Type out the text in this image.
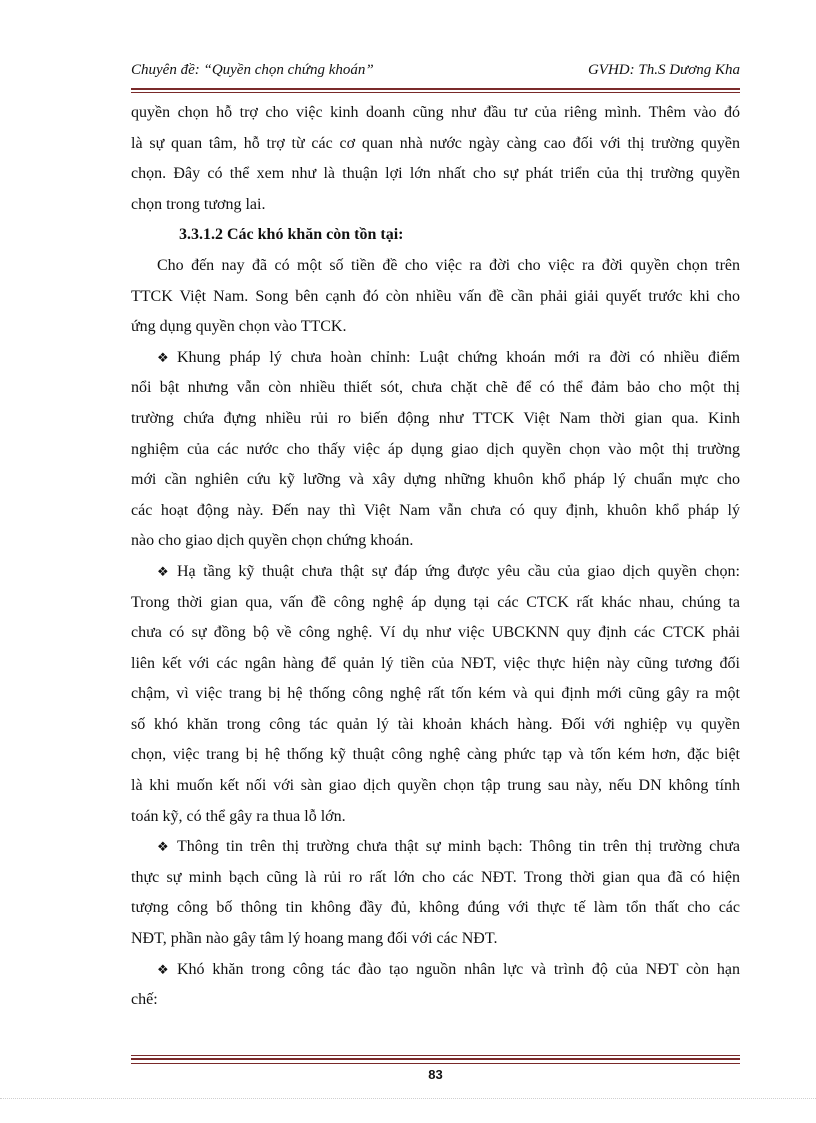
Chuyên đề: “Quyền chọn chứng khoán”	GVHD: Th.S Dương Kha

quyền chọn hỗ trợ cho việc kinh doanh cũng như đầu tư của riêng mình. Thêm vào đó
là sự quan tâm, hỗ trợ từ các cơ quan nhà nước ngày càng cao đối với thị trường quyền
chọn. Đây có thể xem như là thuận lợi lớn nhất cho sự phát triển của thị trường quyền
chọn trong tương lai.

3.3.1.2 Các khó khăn còn tồn tại:

Cho đến nay đã có một số tiền đề cho việc ra đời cho việc ra đời quyền chọn trên
TTCK Việt Nam. Song bên cạnh đó còn nhiều vấn đề cần phải giải quyết trước khi cho
ứng dụng quyền chọn vào TTCK.

❖ Khung pháp lý chưa hoàn chỉnh: Luật chứng khoán mới ra đời có nhiều điểm
nổi bật nhưng vẫn còn nhiều thiết sót, chưa chặt chẽ để có thể đảm bảo cho một thị
trường chứa đựng nhiều rủi ro biến động như TTCK Việt Nam thời gian qua. Kinh
nghiệm của các nước cho thấy việc áp dụng giao dịch quyền chọn vào một thị trường
mới cần nghiên cứu kỹ lưỡng và xây dựng những khuôn khổ pháp lý chuẩn mực cho
các hoạt động này. Đến nay thì Việt Nam vẫn chưa có quy định, khuôn khổ pháp lý
nào cho giao dịch quyền chọn chứng khoán.

❖ Hạ tầng kỹ thuật chưa thật sự đáp ứng được yêu cầu của giao dịch quyền chọn:
Trong thời gian qua, vấn đề công nghệ áp dụng tại các CTCK rất khác nhau, chúng ta
chưa có sự đồng bộ về công nghệ. Ví dụ như việc UBCKNN quy định các CTCK phải
liên kết với các ngân hàng để quản lý tiền của NĐT, việc thực hiện này cũng tương đối
chậm, vì việc trang bị hệ thống công nghệ rất tốn kém và qui định mới cũng gây ra một
số khó khăn trong công tác quản lý tài khoản khách hàng. Đối với nghiệp vụ quyền
chọn, việc trang bị hệ thống kỹ thuật công nghệ càng phức tạp và tốn kém hơn, đặc biệt
là khi muốn kết nối với sàn giao dịch quyền chọn tập trung sau này, nếu DN không tính
toán kỹ, có thể gây ra thua lỗ lớn.

❖ Thông tin trên thị trường chưa thật sự minh bạch: Thông tin trên thị trường chưa
thực sự minh bạch cũng là rủi ro rất lớn cho các NĐT. Trong thời gian qua đã có hiện
tượng công bố thông tin không đầy đủ, không đúng với thực tế làm tổn thất cho các
NĐT, phần nào gây tâm lý hoang mang đối với các NĐT.

❖ Khó khăn trong công tác đào tạo nguồn nhân lực và trình độ của NĐT còn hạn
chế:

83
